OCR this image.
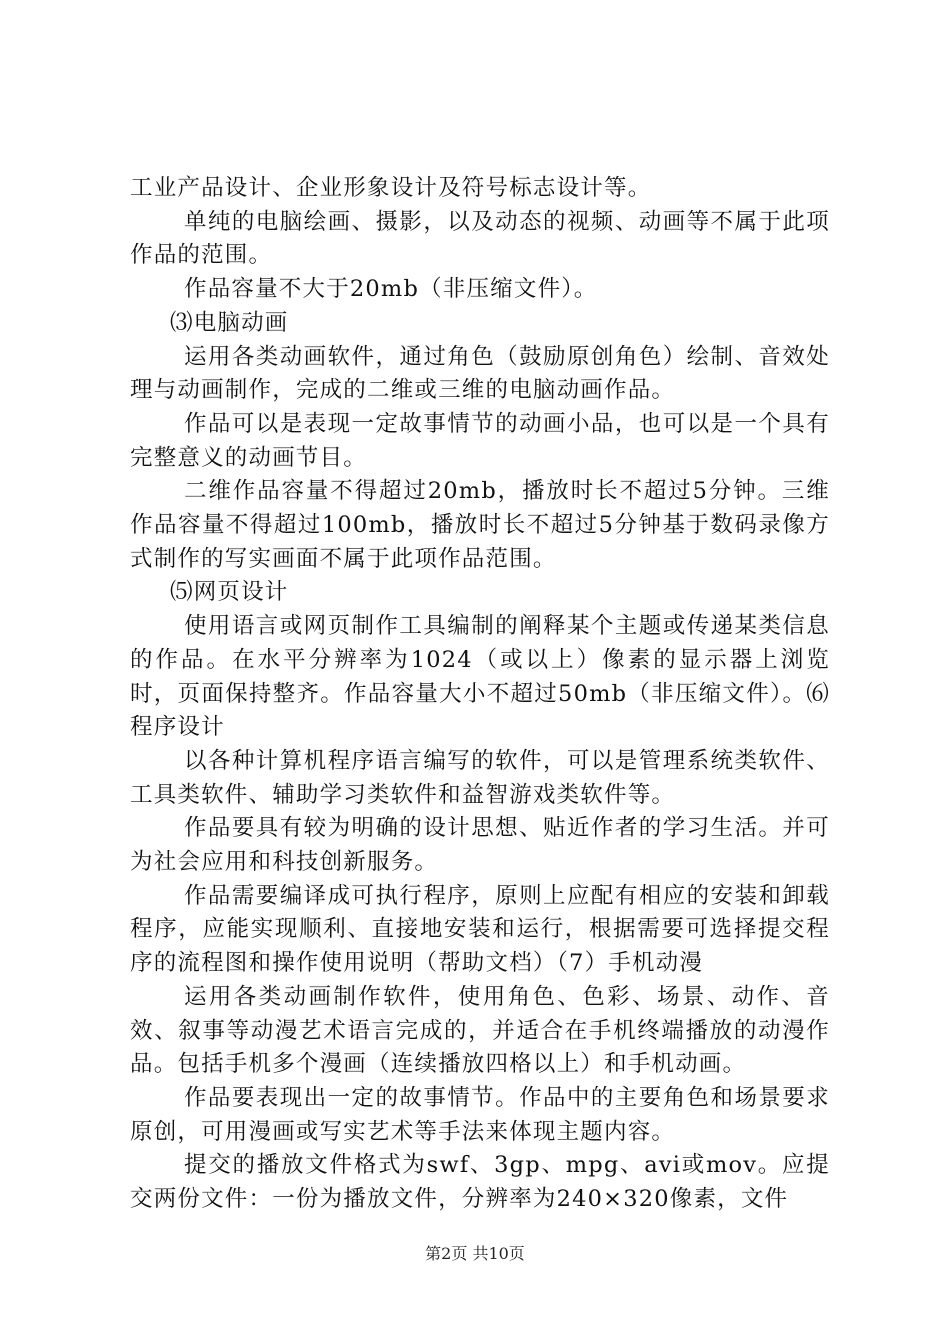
工业产品设计、企业形象设计及符号标志设计等。

单纯的电脑绘画、摄影，以及动态的视频、动画等不属于此项作品的范围。

作品容量不大于20mb（非压缩文件）。

⑶电脑动画

运用各类动画软件，通过角色（鼓励原创角色）绘制、音效处理与动画制作，完成的二维或三维的电脑动画作品。

作品可以是表现一定故事情节的动画小品，也可以是一个具有完整意义的动画节目。

二维作品容量不得超过20mb，播放时长不超过5分钟。三维作品容量不得超过100mb，播放时长不超过5分钟基于数码录像方式制作的写实画面不属于此项作品范围。

⑸网页设计

使用语言或网页制作工具编制的阐释某个主题或传递某类信息的作品。在水平分辨率为1024（或以上）像素的显示器上浏览时，页面保持整齐。作品容量大小不超过50mb（非压缩文件）。⑹程序设计

以各种计算机程序语言编写的软件，可以是管理系统类软件、工具类软件、辅助学习类软件和益智游戏类软件等。

作品要具有较为明确的设计思想、贴近作者的学习生活。并可为社会应用和科技创新服务。

作品需要编译成可执行程序，原则上应配有相应的安装和卸载程序，应能实现顺利、直接地安装和运行，根据需要可选择提交程序的流程图和操作使用说明（帮助文档）（7）手机动漫

运用各类动画制作软件，使用角色、色彩、场景、动作、音效、叙事等动漫艺术语言完成的，并适合在手机终端播放的动漫作品。包括手机多个漫画（连续播放四格以上）和手机动画。

作品要表现出一定的故事情节。作品中的主要角色和场景要求原创，可用漫画或写实艺术等手法来体现主题内容。

提交的播放文件格式为swf、3gp、mpg、avi或mov。应提交两份文件：一份为播放文件，分辨率为240×320像素，文件

第2页 共10页
